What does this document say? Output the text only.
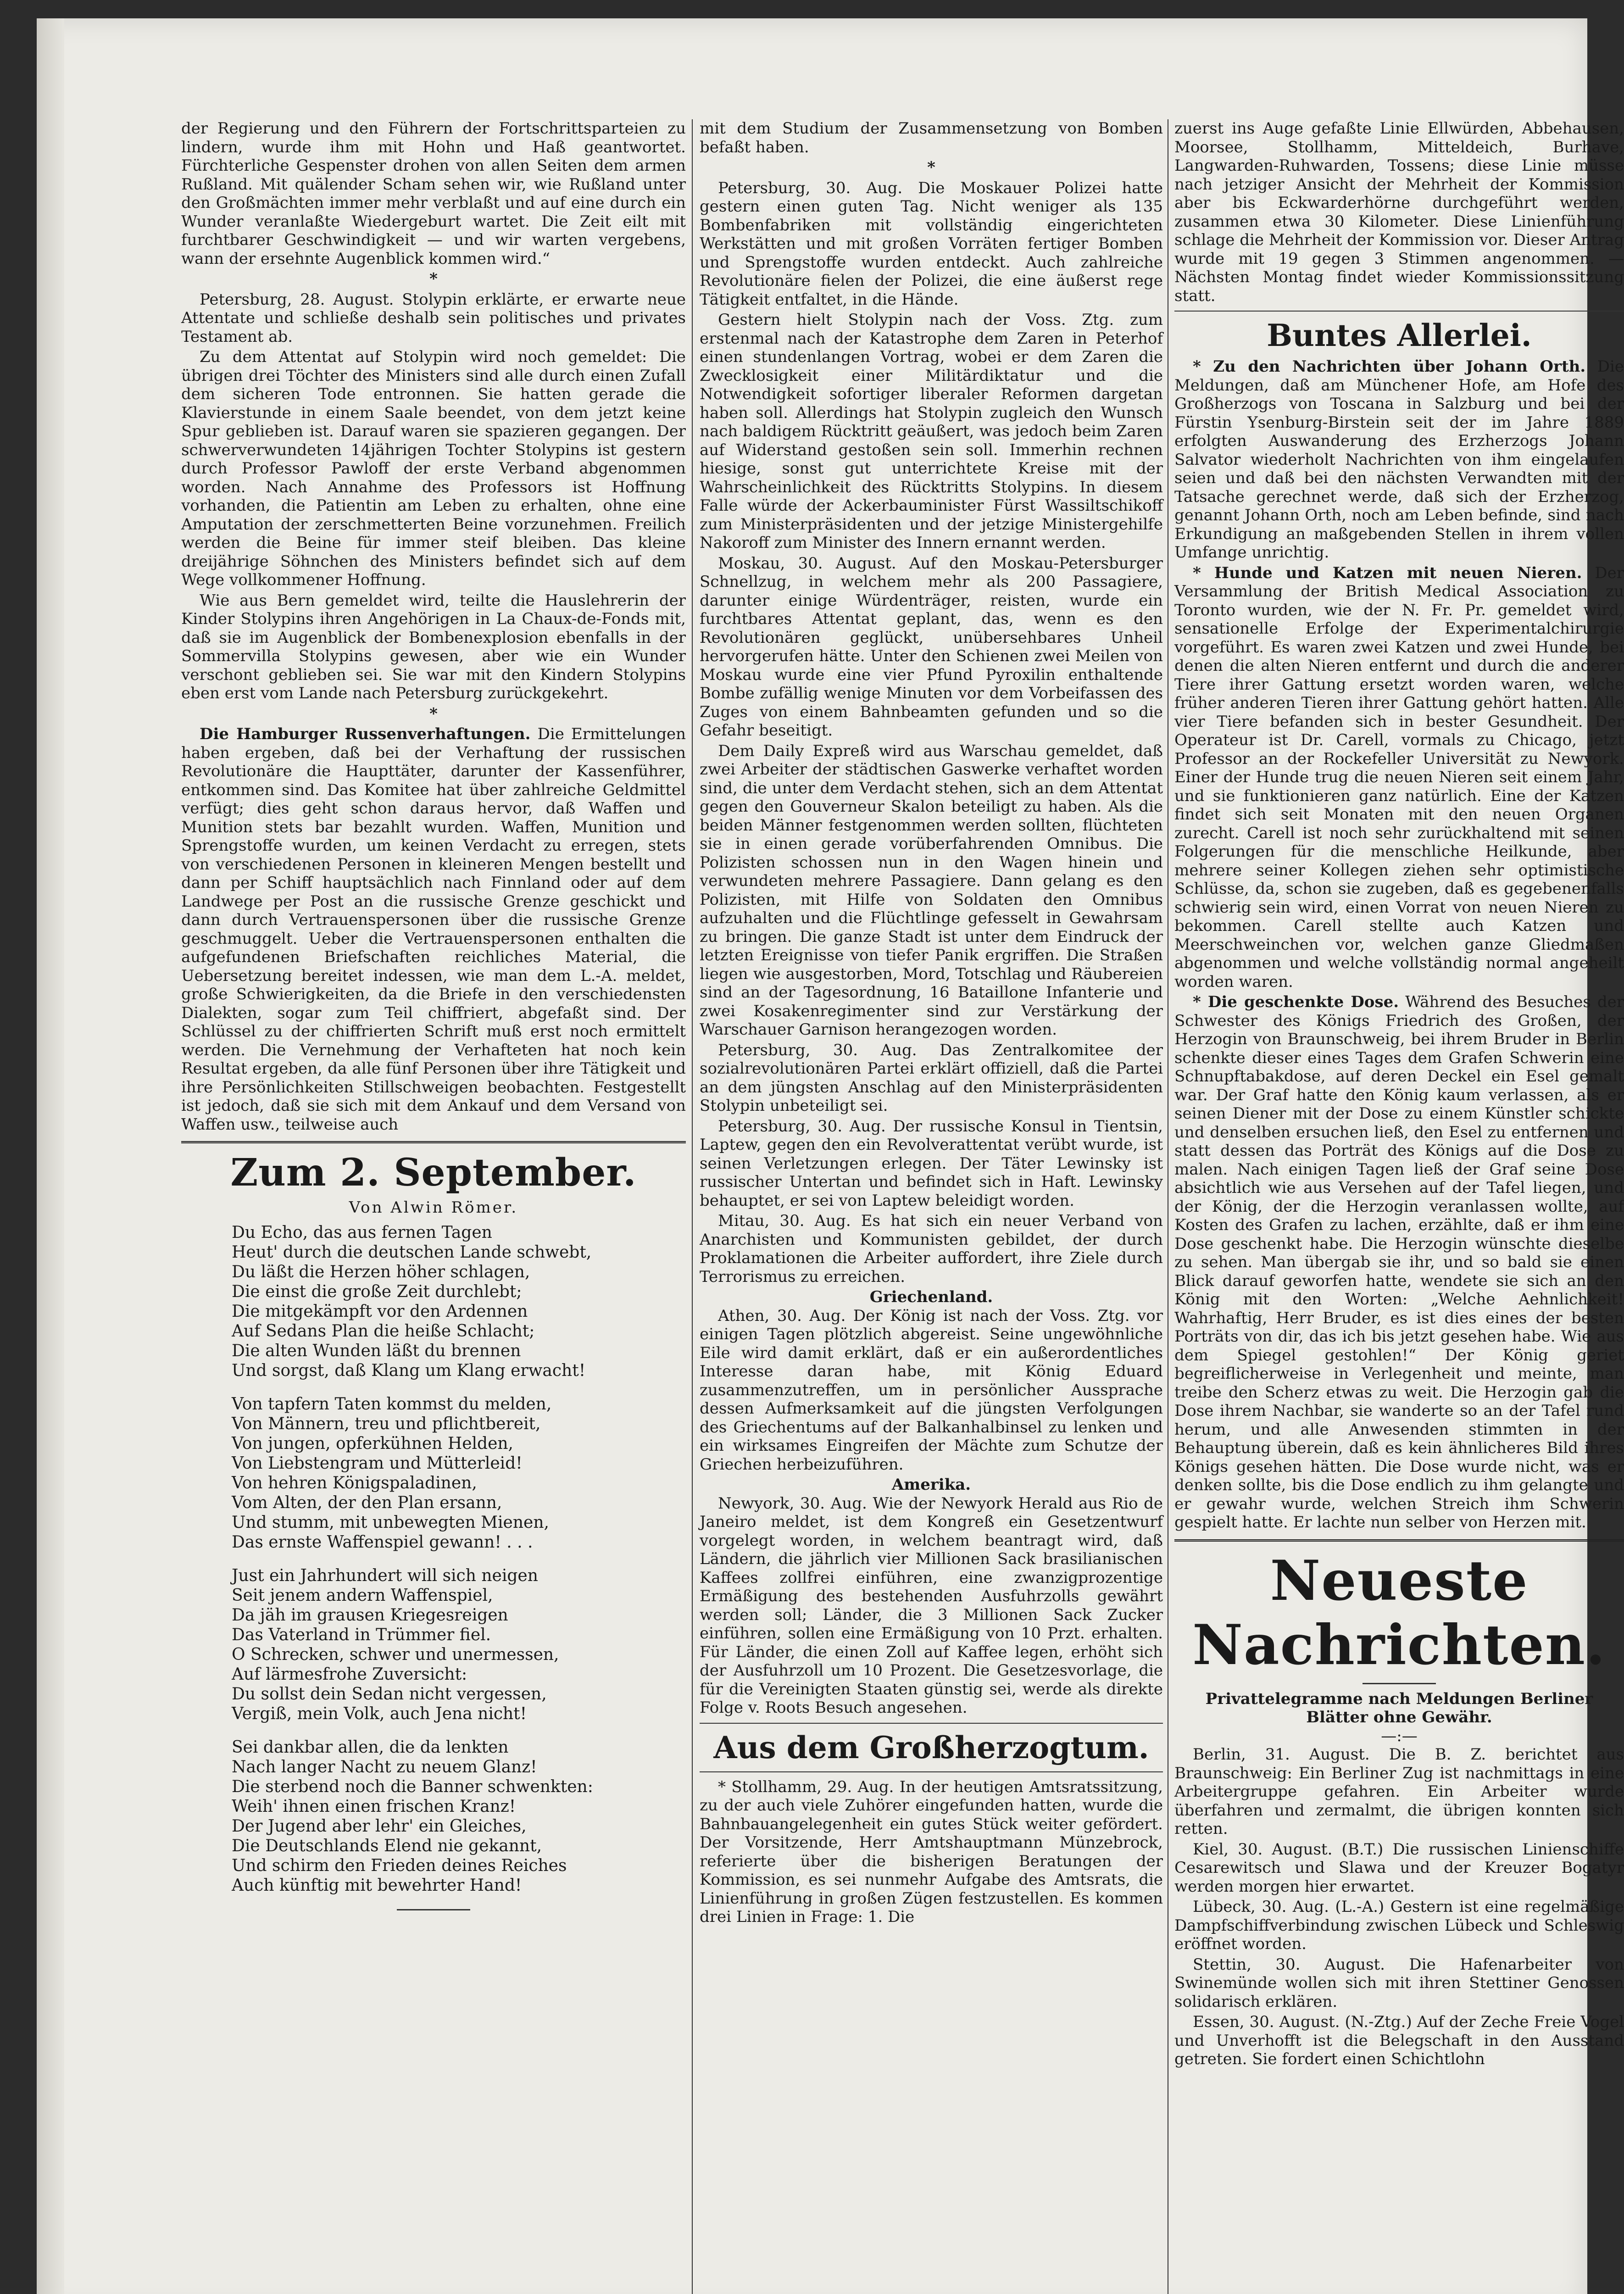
der Regierung und den Führern der Fortschrittsparteien zu lindern, wurde ihm mit Hohn und Haß geantwortet. Fürchterliche Gespenster drohen von allen Seiten dem armen Rußland. Mit quälender Scham sehen wir, wie Rußland unter den Großmächten immer mehr verblaßt und auf eine durch ein Wunder veranlaßte Wiedergeburt wartet. Die Zeit eilt mit furchtbarer Geschwindigkeit — und wir warten vergebens, wann der ersehnte Augenblick kommen wird.“

*

Petersburg, 28. August. Stolypin erklärte, er erwarte neue Attentate und schließe deshalb sein politisches und privates Testament ab.

Zu dem Attentat auf Stolypin wird noch gemeldet: Die übrigen drei Töchter des Ministers sind alle durch einen Zufall dem sicheren Tode entronnen. Sie hatten gerade die Klavierstunde in einem Saale beendet, von dem jetzt keine Spur geblieben ist. Darauf waren sie spazieren gegangen. Der schwerverwundeten 14jährigen Tochter Stolypins ist gestern durch Professor Pawloff der erste Verband abgenommen worden. Nach Annahme des Professors ist Hoffnung vorhanden, die Patientin am Leben zu erhalten, ohne eine Amputation der zerschmetterten Beine vorzunehmen. Freilich werden die Beine für immer steif bleiben. Das kleine dreijährige Söhnchen des Ministers befindet sich auf dem Wege vollkommener Hoffnung.

Wie aus Bern gemeldet wird, teilte die Hauslehrerin der Kinder Stolypins ihren Angehörigen in La Chaux-de-Fonds mit, daß sie im Augenblick der Bombenexplosion ebenfalls in der Sommervilla Stolypins gewesen, aber wie ein Wunder verschont geblieben sei. Sie war mit den Kindern Stolypins eben erst vom Lande nach Petersburg zurückgekehrt.

*

Die Hamburger Russenverhaftungen. Die Ermittelungen haben ergeben, daß bei der Verhaftung der russischen Revolutionäre die Haupttäter, darunter der Kassenführer, entkommen sind. Das Komitee hat über zahlreiche Geldmittel verfügt; dies geht schon daraus hervor, daß Waffen und Munition stets bar bezahlt wurden. Waffen, Munition und Sprengstoffe wurden, um keinen Verdacht zu erregen, stets von verschiedenen Personen in kleineren Mengen bestellt und dann per Schiff hauptsächlich nach Finnland oder auf dem Landwege per Post an die russische Grenze geschickt und dann durch Vertrauenspersonen über die russische Grenze geschmuggelt. Ueber die Vertrauenspersonen enthalten die aufgefundenen Briefschaften reichliches Material, die Uebersetzung bereitet indessen, wie man dem L.-A. meldet, große Schwierigkeiten, da die Briefe in den verschiedensten Dialekten, sogar zum Teil chiffriert, abgefaßt sind. Der Schlüssel zu der chiffrierten Schrift muß erst noch ermittelt werden. Die Vernehmung der Verhafteten hat noch kein Resultat ergeben, da alle fünf Personen über ihre Tätigkeit und ihre Persönlichkeiten Stillschweigen beobachten. Festgestellt ist jedoch, daß sie sich mit dem Ankauf und dem Versand von Waffen usw., teilweise auch

Zum 2. September.
Von Alwin Römer.
Du Echo, das aus fernen Tagen
Heut' durch die deutschen Lande schwebt,
Du läßt die Herzen höher schlagen,
Die einst die große Zeit durchlebt;
Die mitgekämpft vor den Ardennen
Auf Sedans Plan die heiße Schlacht;
Die alten Wunden läßt du brennen
Und sorgst, daß Klang um Klang erwacht!
Von tapfern Taten kommst du melden,
Von Männern, treu und pflichtbereit,
Von jungen, opferkühnen Helden,
Von Liebstengram und Mütterleid!
Von hehren Königspaladinen,
Vom Alten, der den Plan ersann,
Und stumm, mit unbewegten Mienen,
Das ernste Waffenspiel gewann! . . .
Just ein Jahrhundert will sich neigen
Seit jenem andern Waffenspiel,
Da jäh im grausen Kriegesreigen
Das Vaterland in Trümmer fiel.
O Schrecken, schwer und unermessen,
Auf lärmesfrohe Zuversicht:
Du sollst dein Sedan nicht vergessen,
Vergiß, mein Volk, auch Jena nicht!
Sei dankbar allen, die da lenkten
Nach langer Nacht zu neuem Glanz!
Die sterbend noch die Banner schwenkten:
Weih' ihnen einen frischen Kranz!
Der Jugend aber lehr' ein Gleiches,
Die Deutschlands Elend nie gekannt,
Und schirm den Frieden deines Reiches
Auch künftig mit bewehrter Hand!

mit dem Studium der Zusammensetzung von Bomben befaßt haben.

*

Petersburg, 30. Aug. Die Moskauer Polizei hatte gestern einen guten Tag. Nicht weniger als 135 Bombenfabriken mit vollständig eingerichteten Werkstätten und mit großen Vorräten fertiger Bomben und Sprengstoffe wurden entdeckt. Auch zahlreiche Revolutionäre fielen der Polizei, die eine äußerst rege Tätigkeit entfaltet, in die Hände.

Gestern hielt Stolypin nach der Voss. Ztg. zum erstenmal nach der Katastrophe dem Zaren in Peterhof einen stundenlangen Vortrag, wobei er dem Zaren die Zwecklosigkeit einer Militärdiktatur und die Notwendigkeit sofortiger liberaler Reformen dargetan haben soll. Allerdings hat Stolypin zugleich den Wunsch nach baldigem Rücktritt geäußert, was jedoch beim Zaren auf Widerstand gestoßen sein soll. Immerhin rechnen hiesige, sonst gut unterrichtete Kreise mit der Wahrscheinlichkeit des Rücktritts Stolypins. In diesem Falle würde der Ackerbauminister Fürst Wassiltschikoff zum Ministerpräsidenten und der jetzige Ministergehilfe Nakoroff zum Minister des Innern ernannt werden.

Moskau, 30. August. Auf den Moskau-Petersburger Schnellzug, in welchem mehr als 200 Passagiere, darunter einige Würdenträger, reisten, wurde ein furchtbares Attentat geplant, das, wenn es den Revolutionären geglückt, unübersehbares Unheil hervorgerufen hätte. Unter den Schienen zwei Meilen von Moskau wurde eine vier Pfund Pyroxilin enthaltende Bombe zufällig wenige Minuten vor dem Vorbeifassen des Zuges von einem Bahnbeamten gefunden und so die Gefahr beseitigt.

Dem Daily Expreß wird aus Warschau gemeldet, daß zwei Arbeiter der städtischen Gaswerke verhaftet worden sind, die unter dem Verdacht stehen, sich an dem Attentat gegen den Gouverneur Skalon beteiligt zu haben. Als die beiden Männer festgenommen werden sollten, flüchteten sie in einen gerade vorüberfahrenden Omnibus. Die Polizisten schossen nun in den Wagen hinein und verwundeten mehrere Passagiere. Dann gelang es den Polizisten, mit Hilfe von Soldaten den Omnibus aufzuhalten und die Flüchtlinge gefesselt in Gewahrsam zu bringen. Die ganze Stadt ist unter dem Eindruck der letzten Ereignisse von tiefer Panik ergriffen. Die Straßen liegen wie ausgestorben, Mord, Totschlag und Räubereien sind an der Tagesordnung, 16 Bataillone Infanterie und zwei Kosakenregimenter sind zur Verstärkung der Warschauer Garnison herangezogen worden.

Petersburg, 30. Aug. Das Zentralkomitee der sozialrevolutionären Partei erklärt offiziell, daß die Partei an dem jüngsten Anschlag auf den Ministerpräsidenten Stolypin unbeteiligt sei.

Petersburg, 30. Aug. Der russische Konsul in Tientsin, Laptew, gegen den ein Revolverattentat verübt wurde, ist seinen Verletzungen erlegen. Der Täter Lewinsky ist russischer Untertan und befindet sich in Haft. Lewinsky behauptet, er sei von Laptew beleidigt worden.

Mitau, 30. Aug. Es hat sich ein neuer Verband von Anarchisten und Kommunisten gebildet, der durch Proklamationen die Arbeiter auffordert, ihre Ziele durch Terrorismus zu erreichen.

Griechenland.

Athen, 30. Aug. Der König ist nach der Voss. Ztg. vor einigen Tagen plötzlich abgereist. Seine ungewöhnliche Eile wird damit erklärt, daß er ein außerordentliches Interesse daran habe, mit König Eduard zusammenzutreffen, um in persönlicher Aussprache dessen Aufmerksamkeit auf die jüngsten Verfolgungen des Griechentums auf der Balkanhalbinsel zu lenken und ein wirksames Eingreifen der Mächte zum Schutze der Griechen herbeizuführen.

Amerika.

Newyork, 30. Aug. Wie der Newyork Herald aus Rio de Janeiro meldet, ist dem Kongreß ein Gesetzentwurf vorgelegt worden, in welchem beantragt wird, daß Ländern, die jährlich vier Millionen Sack brasilianischen Kaffees zollfrei einführen, eine zwanzigprozentige Ermäßigung des bestehenden Ausfuhrzolls gewährt werden soll; Länder, die 3 Millionen Sack Zucker einführen, sollen eine Ermäßigung von 10 Przt. erhalten. Für Länder, die einen Zoll auf Kaffee legen, erhöht sich der Ausfuhrzoll um 10 Prozent. Die Gesetzesvorlage, die für die Vereinigten Staaten günstig sei, werde als direkte Folge v. Roots Besuch angesehen.

Aus dem Großherzogtum.

* Stollhamm, 29. Aug. In der heutigen Amtsratssitzung, zu der auch viele Zuhörer eingefunden hatten, wurde die Bahnbauangelegenheit ein gutes Stück weiter gefördert. Der Vorsitzende, Herr Amtshauptmann Münzebrock, referierte über die bisherigen Beratungen der Kommission, es sei nunmehr Aufgabe des Amtsrats, die Linienführung in großen Zügen festzustellen. Es kommen drei Linien in Frage: 1. Die

zuerst ins Auge gefaßte Linie Ellwürden, Abbehausen, Moorsee, Stollhamm, Mitteldeich, Burhave, Langwarden-Ruhwarden, Tossens; diese Linie müsse nach jetziger Ansicht der Mehrheit der Kommission aber bis Eckwarderhörne durchgeführt werden, zusammen etwa 30 Kilometer. Diese Linienführung schlage die Mehrheit der Kommission vor. Dieser Antrag wurde mit 19 gegen 3 Stimmen angenommen. — Nächsten Montag findet wieder Kommissionssitzung statt.

Buntes Allerlei.

* Zu den Nachrichten über Johann Orth. Die Meldungen, daß am Münchener Hofe, am Hofe des Großherzogs von Toscana in Salzburg und bei der Fürstin Ysenburg-Birstein seit der im Jahre 1889 erfolgten Auswanderung des Erzherzogs Johann Salvator wiederholt Nachrichten von ihm eingelaufen seien und daß bei den nächsten Verwandten mit der Tatsache gerechnet werde, daß sich der Erzherzog, genannt Johann Orth, noch am Leben befinde, sind nach Erkundigung an maßgebenden Stellen in ihrem vollen Umfange unrichtig.

* Hunde und Katzen mit neuen Nieren. Der Versammlung der British Medical Association zu Toronto wurden, wie der N. Fr. Pr. gemeldet wird, sensationelle Erfolge der Experimentalchirurgie vorgeführt. Es waren zwei Katzen und zwei Hunde, bei denen die alten Nieren entfernt und durch die anderer Tiere ihrer Gattung ersetzt worden waren, welche früher anderen Tieren ihrer Gattung gehört hatten. Alle vier Tiere befanden sich in bester Gesundheit. Der Operateur ist Dr. Carell, vormals zu Chicago, jetzt Professor an der Rockefeller Universität zu Newyork. Einer der Hunde trug die neuen Nieren seit einem Jahr, und sie funktionieren ganz natürlich. Eine der Katzen findet sich seit Monaten mit den neuen Organen zurecht. Carell ist noch sehr zurückhaltend mit seinen Folgerungen für die menschliche Heilkunde, aber mehrere seiner Kollegen ziehen sehr optimistische Schlüsse, da, schon sie zugeben, daß es gegebenenfalls schwierig sein wird, einen Vorrat von neuen Nieren zu bekommen. Carell stellte auch Katzen und Meerschweinchen vor, welchen ganze Gliedmaßen abgenommen und welche vollständig normal angeheilt worden waren.

* Die geschenkte Dose. Während des Besuches der Schwester des Königs Friedrich des Großen, der Herzogin von Braunschweig, bei ihrem Bruder in Berlin schenkte dieser eines Tages dem Grafen Schwerin eine Schnupftabakdose, auf deren Deckel ein Esel gemalt war. Der Graf hatte den König kaum verlassen, als er seinen Diener mit der Dose zu einem Künstler schickte und denselben ersuchen ließ, den Esel zu entfernen und statt dessen das Porträt des Königs auf die Dose zu malen. Nach einigen Tagen ließ der Graf seine Dose absichtlich wie aus Versehen auf der Tafel liegen, und der König, der die Herzogin veranlassen wollte, auf Kosten des Grafen zu lachen, erzählte, daß er ihm eine Dose geschenkt habe. Die Herzogin wünschte dieselbe zu sehen. Man übergab sie ihr, und so bald sie einen Blick darauf geworfen hatte, wendete sie sich an den König mit den Worten: „Welche Aehnlichkeit! Wahrhaftig, Herr Bruder, es ist dies eines der besten Porträts von dir, das ich bis jetzt gesehen habe. Wie aus dem Spiegel gestohlen!“ Der König geriet begreiflicherweise in Verlegenheit und meinte, man treibe den Scherz etwas zu weit. Die Herzogin gab die Dose ihrem Nachbar, sie wanderte so an der Tafel rund herum, und alle Anwesenden stimmten in der Behauptung überein, daß es kein ähnlicheres Bild ihres Königs gesehen hätten. Die Dose wurde nicht, was er denken sollte, bis die Dose endlich zu ihm gelangte und er gewahr wurde, welchen Streich ihm Schwerin gespielt hatte. Er lachte nun selber von Herzen mit.

Neueste Nachrichten.
Privattelegramme nach Meldungen Berliner Blätter ohne Gewähr.
—:—

Berlin, 31. August. Die B. Z. berichtet aus Braunschweig: Ein Berliner Zug ist nachmittags in eine Arbeitergruppe gefahren. Ein Arbeiter wurde überfahren und zermalmt, die übrigen konnten sich retten.

Kiel, 30. August. (B.T.) Die russischen Linienschiffe Cesarewitsch und Slawa und der Kreuzer Bogatyr werden morgen hier erwartet.

Lübeck, 30. Aug. (L.-A.) Gestern ist eine regelmäßige Dampfschiffverbindung zwischen Lübeck und Schleswig eröffnet worden.

Stettin, 30. August. Die Hafenarbeiter von Swinemünde wollen sich mit ihren Stettiner Genossen solidarisch erklären.

Essen, 30. August. (N.-Ztg.) Auf der Zeche Freie Vogel und Unverhofft ist die Belegschaft in den Ausstand getreten. Sie fordert einen Schichtlohn
